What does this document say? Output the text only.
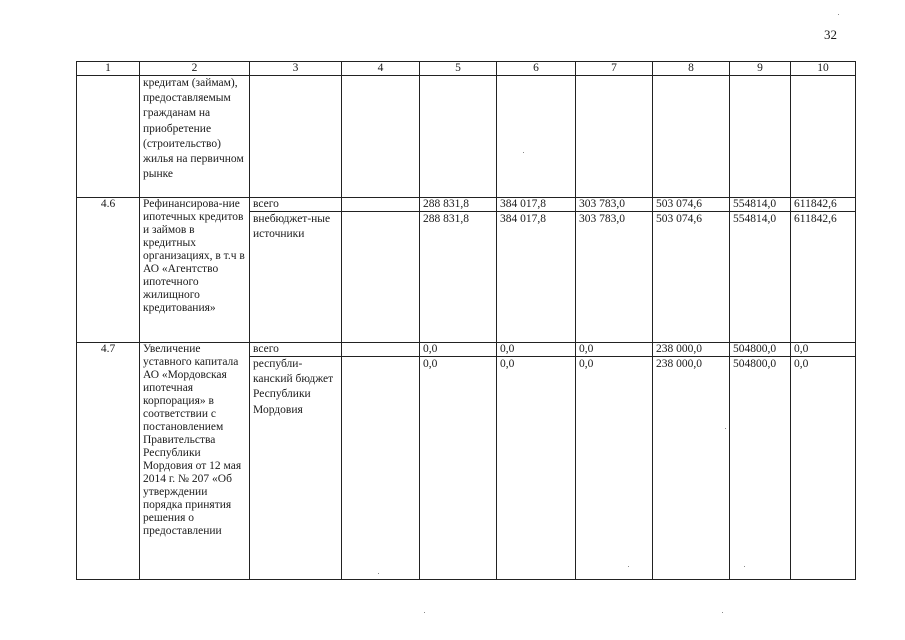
32
1	2	3	4	5	6	7	8	9	10
	кредитам (займам), предоставляемым гражданам на приобретение (строительство) жилья на первичном рынке								
4.6	Рефинансирова-ние ипотечных кредитов и займов в кредитных организациях, в т.ч в АО «Агентство ипотечного жилищного кредитования»	всего		288 831,8	384 017,8	303 783,0	503 074,6	554814,0	611842,6
		внебюджет-ные источники		288 831,8	384 017,8	303 783,0	503 074,6	554814,0	611842,6
4.7	Увеличение уставного капитала АО «Мордовская ипотечная корпорация» в соответствии с постановлением Правительства Республики Мордовия от 12 мая 2014 г. № 207 «Об утверждении порядка принятия решения о предоставлении	всего		0,0	0,0	0,0	238 000,0	504800,0	0,0
		республи-канский бюджет Республики Мордовия		0,0	0,0	0,0	238 000,0	504800,0	0,0
